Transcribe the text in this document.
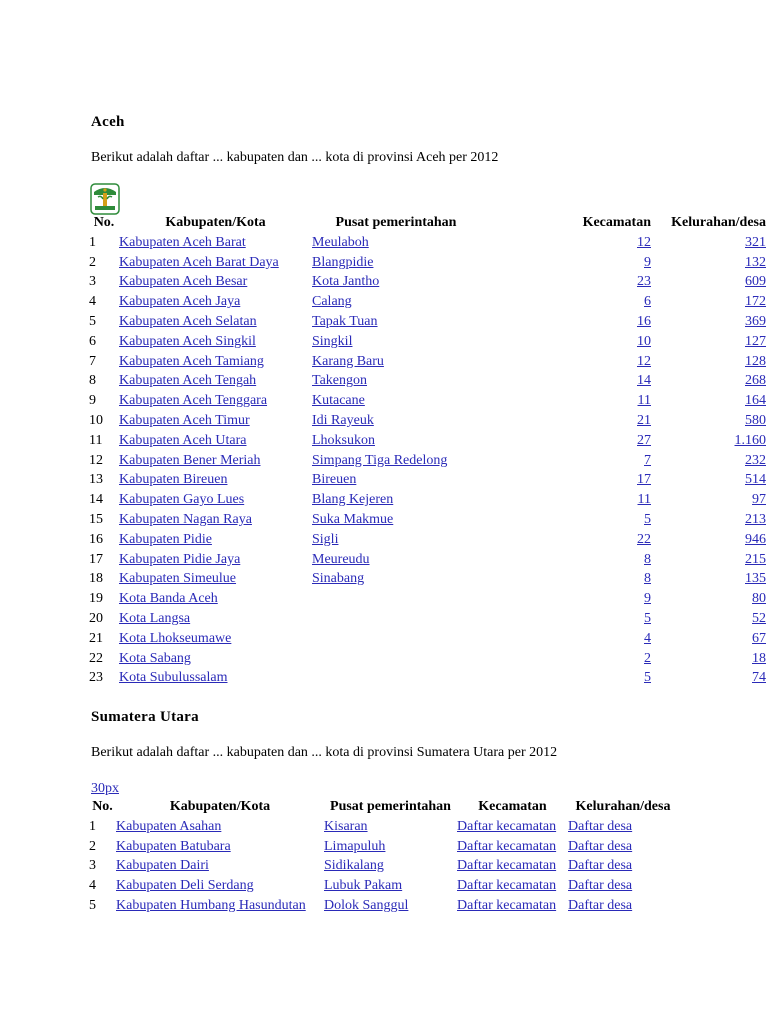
Aceh

Berikut adalah daftar ... kabupaten dan ... kota di provinsi Aceh per 2012

No.	Kabupaten/Kota	Pusat pemerintahan	Kecamatan	Kelurahan/desa
1	Kabupaten Aceh Barat	Meulaboh	12	321
2	Kabupaten Aceh Barat Daya	Blangpidie	9	132
3	Kabupaten Aceh Besar	Kota Jantho	23	609
4	Kabupaten Aceh Jaya	Calang	6	172
5	Kabupaten Aceh Selatan	Tapak Tuan	16	369
6	Kabupaten Aceh Singkil	Singkil	10	127
7	Kabupaten Aceh Tamiang	Karang Baru	12	128
8	Kabupaten Aceh Tengah	Takengon	14	268
9	Kabupaten Aceh Tenggara	Kutacane	11	164
10	Kabupaten Aceh Timur	Idi Rayeuk	21	580
11	Kabupaten Aceh Utara	Lhoksukon	27	1.160
12	Kabupaten Bener Meriah	Simpang Tiga Redelong	7	232
13	Kabupaten Bireuen	Bireuen	17	514
14	Kabupaten Gayo Lues	Blang Kejeren	11	97
15	Kabupaten Nagan Raya	Suka Makmue	5	213
16	Kabupaten Pidie	Sigli	22	946
17	Kabupaten Pidie Jaya	Meureudu	8	215
18	Kabupaten Simeulue	Sinabang	8	135
19	Kota Banda Aceh		9	80
20	Kota Langsa		5	52
21	Kota Lhokseumawe		4	67
22	Kota Sabang		2	18
23	Kota Subulussalam		5	74
Sumatera Utara

Berikut adalah daftar ... kabupaten dan ... kota di provinsi Sumatera Utara per 2012

30px
No.	Kabupaten/Kota	Pusat pemerintahan	Kecamatan	Kelurahan/desa
1	Kabupaten Asahan	Kisaran	Daftar kecamatan	Daftar desa
2	Kabupaten Batubara	Limapuluh	Daftar kecamatan	Daftar desa
3	Kabupaten Dairi	Sidikalang	Daftar kecamatan	Daftar desa
4	Kabupaten Deli Serdang	Lubuk Pakam	Daftar kecamatan	Daftar desa
5	Kabupaten Humbang Hasundutan	Dolok Sanggul	Daftar kecamatan	Daftar desa
